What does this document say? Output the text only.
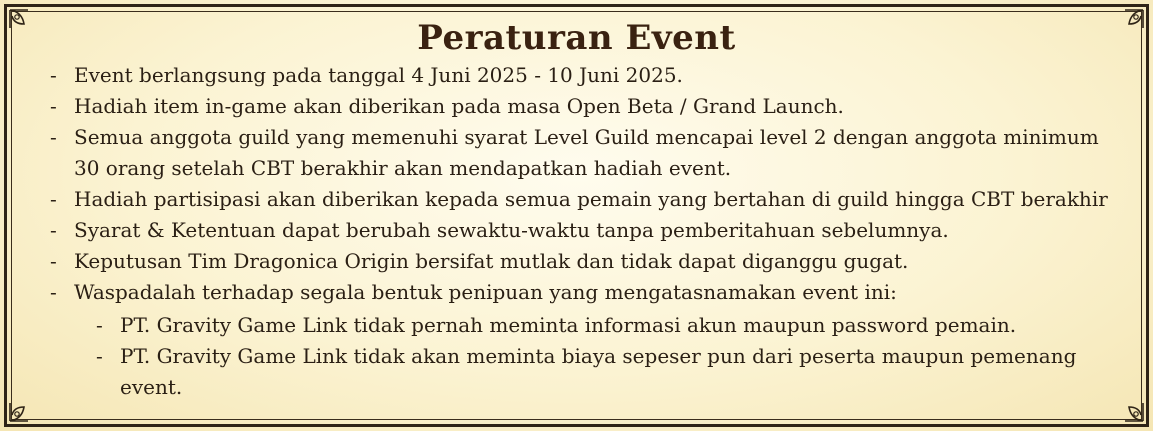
Peraturan Event
- Event berlangsung pada tanggal 4 Juni 2025 - 10 Juni 2025.
- Hadiah item in-game akan diberikan pada masa Open Beta / Grand Launch.
- Semua anggota guild yang memenuhi syarat Level Guild mencapai level 2 dengan anggota minimum 30 orang setelah CBT berakhir akan mendapatkan hadiah event.
- Hadiah partisipasi akan diberikan kepada semua pemain yang bertahan di guild hingga CBT berakhir
- Syarat & Ketentuan dapat berubah sewaktu-waktu tanpa pemberitahuan sebelumnya.
- Keputusan Tim Dragonica Origin bersifat mutlak dan tidak dapat diganggu gugat.
- Waspadalah terhadap segala bentuk penipuan yang mengatasnamakan event ini:
- PT. Gravity Game Link tidak pernah meminta informasi akun maupun password pemain.
- PT. Gravity Game Link tidak akan meminta biaya sepeser pun dari peserta maupun pemenang event.
